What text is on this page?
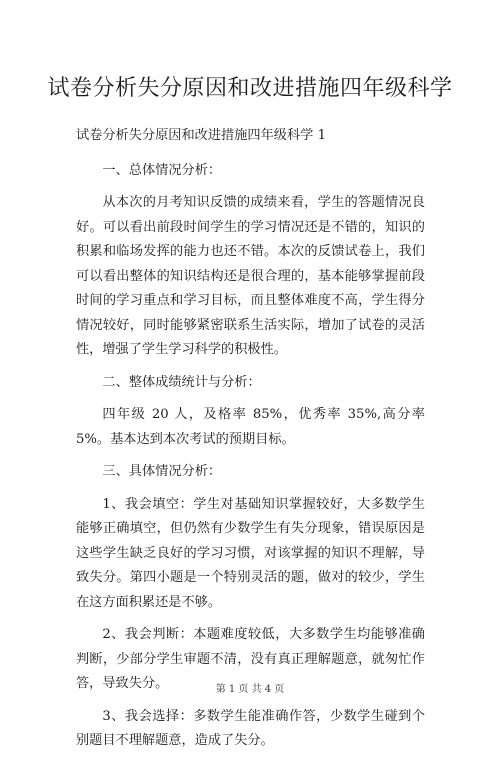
试卷分析失分原因和改进措施四年级科学

试卷分析失分原因和改进措施四年级科学 1

一、总体情况分析：

从本次的月考知识反馈的成绩来看，学生的答题情况良好。可以看出前段时间学生的学习情况还是不错的，知识的积累和临场发挥的能力也还不错。本次的反馈试卷上，我们可以看出整体的知识结构还是很合理的，基本能够掌握前段时间的学习重点和学习目标，而且整体难度不高，学生得分情况较好，同时能够紧密联系生活实际，增加了试卷的灵活性，增强了学生学习科学的积极性。

二、整体成绩统计与分析：

四年级 20 人，及格率 85%，优秀率 35%,高分率 5%。基本达到本次考试的预期目标。

三、具体情况分析：

1、我会填空：学生对基础知识掌握较好，大多数学生能够正确填空，但仍然有少数学生有失分现象，错误原因是这些学生缺乏良好的学习习惯，对该掌握的知识不理解，导致失分。第四小题是一个特别灵活的题，做对的较少，学生在这方面积累还是不够。

2、我会判断：本题难度较低，大多数学生均能够准确判断，少部分学生审题不清，没有真正理解题意，就匆忙作答，导致失分。

3、我会选择：多数学生能准确作答，少数学生碰到个别题目不理解题意，造成了失分。

第 1 页 共 4 页
